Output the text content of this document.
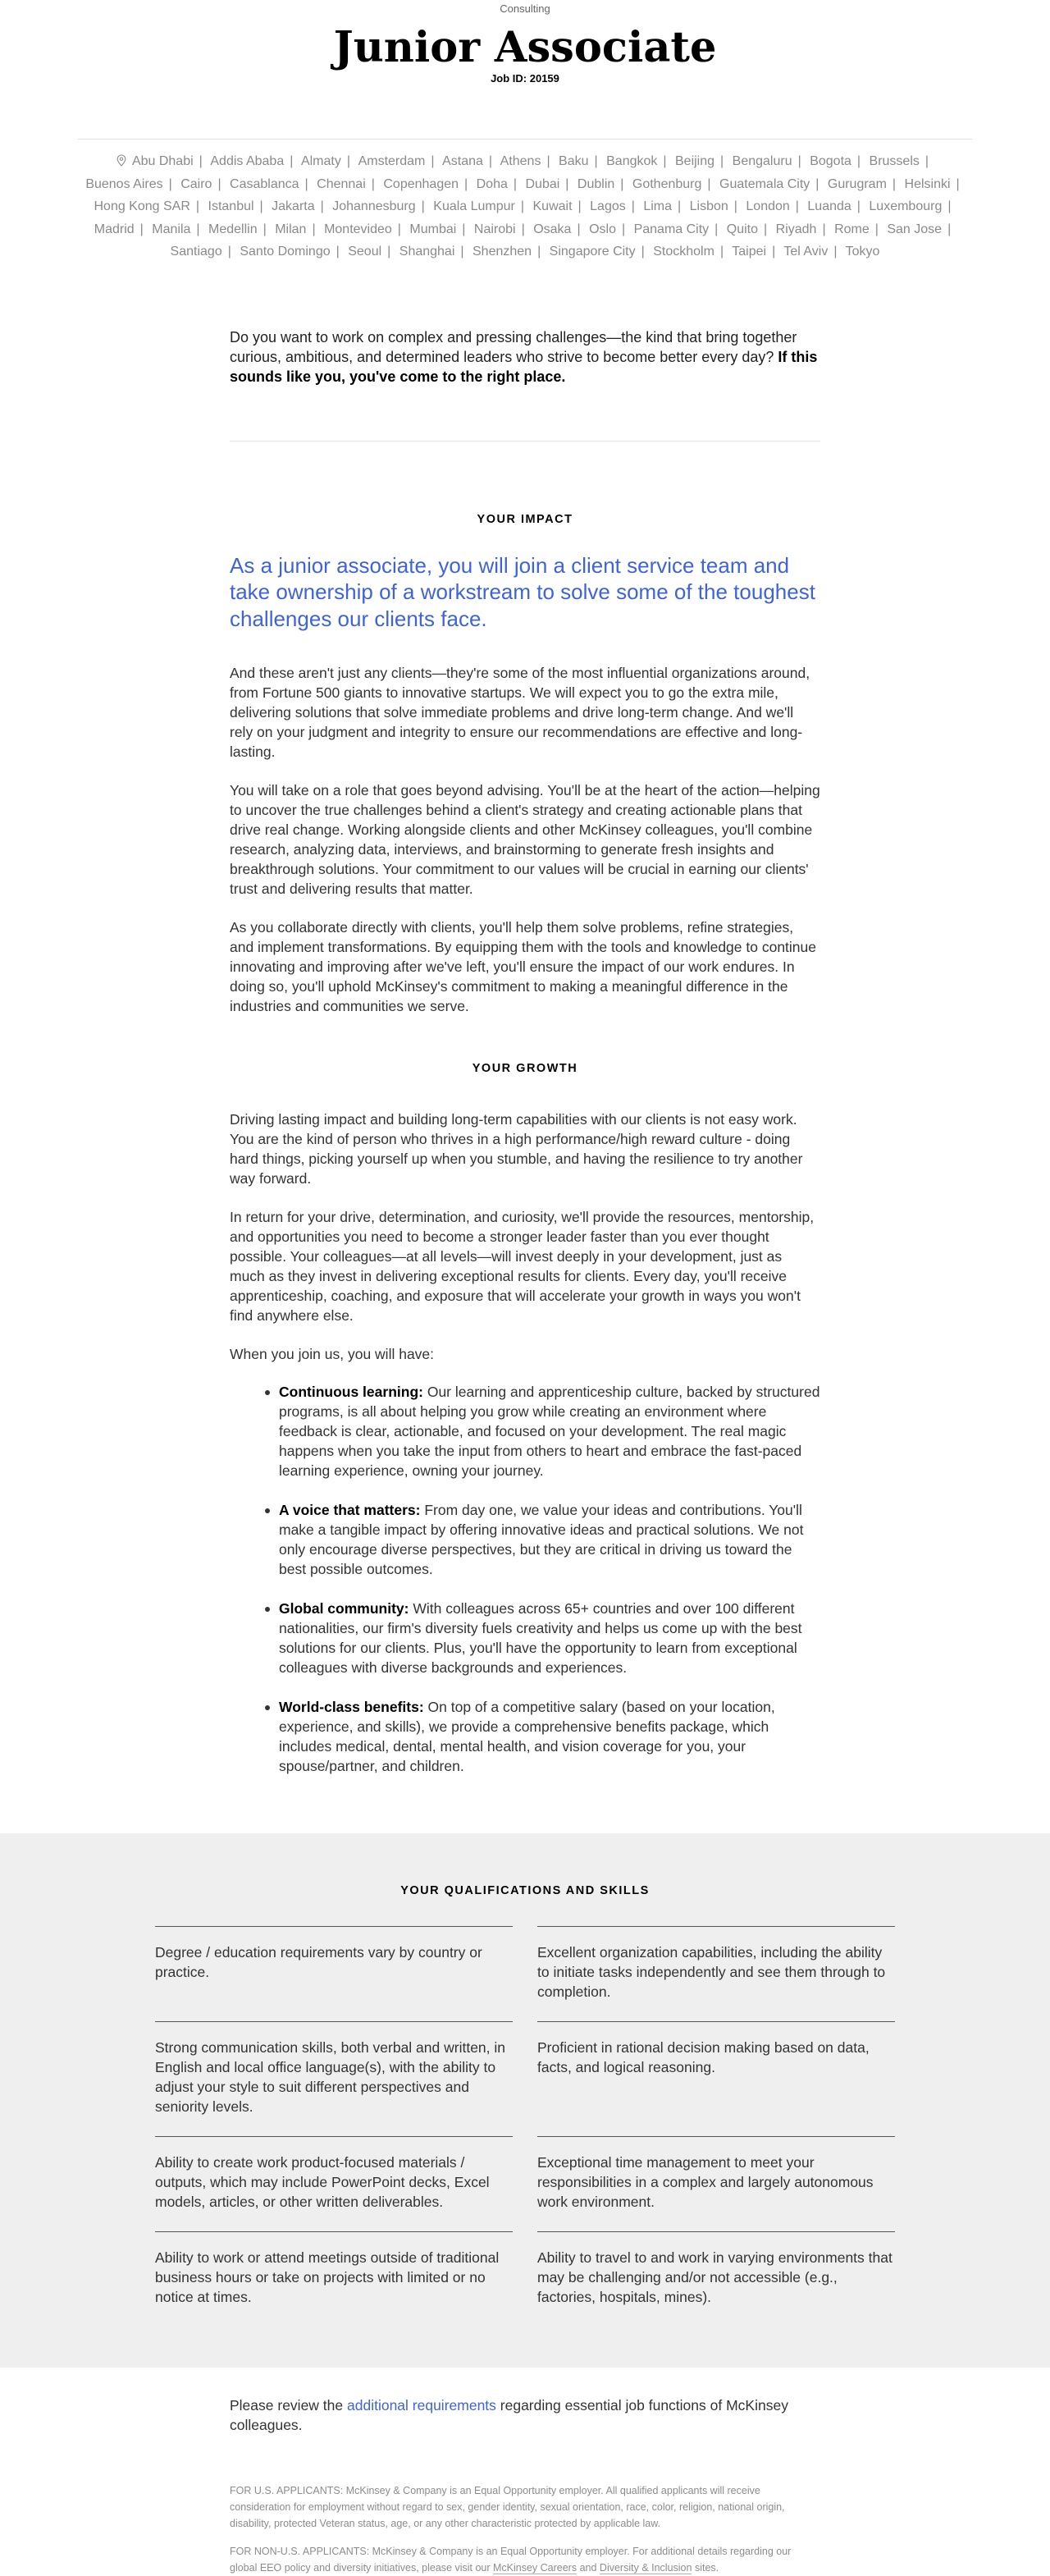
Consulting
Junior Associate
Job ID: 20159
Abu Dhabi | Addis Ababa | Almaty | Amsterdam | Astana | Athens | Baku | Bangkok | Beijing | Bengaluru | Bogota | Brussels | Buenos Aires | Cairo | Casablanca | Chennai | Copenhagen | Doha | Dubai | Dublin | Gothenburg | Guatemala City | Gurugram | Helsinki | Hong Kong SAR | Istanbul | Jakarta | Johannesburg | Kuala Lumpur | Kuwait | Lagos | Lima | Lisbon | London | Luanda | Luxembourg | Madrid | Manila | Medellin | Milan | Montevideo | Mumbai | Nairobi | Osaka | Oslo | Panama City | Quito | Riyadh | Rome | San Jose | Santiago | Santo Domingo | Seoul | Shanghai | Shenzhen | Singapore City | Stockholm | Taipei | Tel Aviv | Tokyo

Do you want to work on complex and pressing challenges—the kind that bring together curious, ambitious, and determined leaders who strive to become better every day? If this sounds like you, you've come to the right place.

YOUR IMPACT
As a junior associate, you will join a client service team and take ownership of a workstream to solve some of the toughest challenges our clients face.

And these aren't just any clients—they're some of the most influential organizations around, from Fortune 500 giants to innovative startups. We will expect you to go the extra mile, delivering solutions that solve immediate problems and drive long-term change. And we'll rely on your judgment and integrity to ensure our recommendations are effective and long-lasting.

You will take on a role that goes beyond advising. You'll be at the heart of the action—helping to uncover the true challenges behind a client's strategy and creating actionable plans that drive real change. Working alongside clients and other McKinsey colleagues, you'll combine research, analyzing data, interviews, and brainstorming to generate fresh insights and breakthrough solutions. Your commitment to our values will be crucial in earning our clients' trust and delivering results that matter.

As you collaborate directly with clients, you'll help them solve problems, refine strategies, and implement transformations. By equipping them with the tools and knowledge to continue innovating and improving after we've left, you'll ensure the impact of our work endures. In doing so, you'll uphold McKinsey's commitment to making a meaningful difference in the industries and communities we serve.

YOUR GROWTH

Driving lasting impact and building long-term capabilities with our clients is not easy work. You are the kind of person who thrives in a high performance/high reward culture - doing hard things, picking yourself up when you stumble, and having the resilience to try another way forward.

In return for your drive, determination, and curiosity, we'll provide the resources, mentorship, and opportunities you need to become a stronger leader faster than you ever thought possible. Your colleagues—at all levels—will invest deeply in your development, just as much as they invest in delivering exceptional results for clients. Every day, you'll receive apprenticeship, coaching, and exposure that will accelerate your growth in ways you won't find anywhere else.

When you join us, you will have:

Continuous learning: Our learning and apprenticeship culture, backed by structured programs, is all about helping you grow while creating an environment where feedback is clear, actionable, and focused on your development. The real magic happens when you take the input from others to heart and embrace the fast-paced learning experience, owning your journey.
A voice that matters: From day one, we value your ideas and contributions. You'll make a tangible impact by offering innovative ideas and practical solutions. We not only encourage diverse perspectives, but they are critical in driving us toward the best possible outcomes.
Global community: With colleagues across 65+ countries and over 100 different nationalities, our firm's diversity fuels creativity and helps us come up with the best solutions for our clients. Plus, you'll have the opportunity to learn from exceptional colleagues with diverse backgrounds and experiences.
World-class benefits: On top of a competitive salary (based on your location, experience, and skills), we provide a comprehensive benefits package, which includes medical, dental, mental health, and vision coverage for you, your spouse/partner, and children.
YOUR QUALIFICATIONS AND SKILLS
Degree / education requirements vary by country or practice.
Excellent organization capabilities, including the ability to initiate tasks independently and see them through to completion.
Strong communication skills, both verbal and written, in English and local office language(s), with the ability to adjust your style to suit different perspectives and seniority levels.
Proficient in rational decision making based on data, facts, and logical reasoning.
Ability to create work product-focused materials / outputs, which may include PowerPoint decks, Excel models, articles, or other written deliverables.
Exceptional time management to meet your responsibilities in a complex and largely autonomous work environment.
Ability to work or attend meetings outside of traditional business hours or take on projects with limited or no notice at times.
Ability to travel to and work in varying environments that may be challenging and/or not accessible (e.g., factories, hospitals, mines).

Please review the additional requirements regarding essential job functions of McKinsey colleagues.

FOR U.S. APPLICANTS: McKinsey & Company is an Equal Opportunity employer. All qualified applicants will receive consideration for employment without regard to sex, gender identity, sexual orientation, race, color, religion, national origin, disability, protected Veteran status, age, or any other characteristic protected by applicable law.

FOR NON-U.S. APPLICANTS: McKinsey & Company is an Equal Opportunity employer. For additional details regarding our global EEO policy and diversity initiatives, please visit our McKinsey Careers and Diversity & Inclusion sites.
